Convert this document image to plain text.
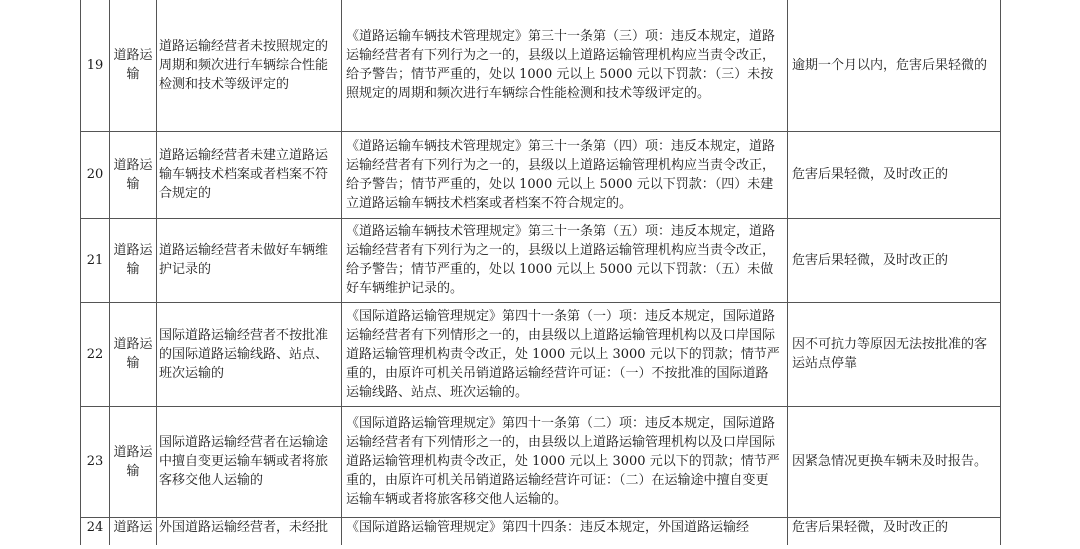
19	道路运输	道路运输经营者未按照规定的周期和频次进行车辆综合性能检测和技术等级评定的	《道路运输车辆技术管理规定》第三十一条第（三）项：违反本规定，道路运输经营者有下列行为之一的，县级以上道路运输管理机构应当责令改正，给予警告；情节严重的，处以 1000 元以上 5000 元以下罚款：（三）未按照规定的周期和频次进行车辆综合性能检测和技术等级评定的。	逾期一个月以内，危害后果轻微的
20	道路运输	道路运输经营者未建立道路运输车辆技术档案或者档案不符合规定的	《道路运输车辆技术管理规定》第三十一条第（四）项：违反本规定，道路运输经营者有下列行为之一的，县级以上道路运输管理机构应当责令改正，给予警告；情节严重的，处以 1000 元以上 5000 元以下罚款：（四）未建立道路运输车辆技术档案或者档案不符合规定的。	危害后果轻微，及时改正的
21	道路运输	道路运输经营者未做好车辆维护记录的	《道路运输车辆技术管理规定》第三十一条第（五）项：违反本规定，道路运输经营者有下列行为之一的，县级以上道路运输管理机构应当责令改正，给予警告；情节严重的，处以 1000 元以上 5000 元以下罚款：（五）未做好车辆维护记录的。	危害后果轻微，及时改正的
22	道路运输	国际道路运输经营者不按批准的国际道路运输线路、站点、班次运输的	《国际道路运输管理规定》第四十一条第（一）项：违反本规定，国际道路运输经营者有下列情形之一的，由县级以上道路运输管理机构以及口岸国际道路运输管理机构责令改正，处 1000 元以上 3000 元以下的罚款；情节严重的，由原许可机关吊销道路运输经营许可证：（一）不按批准的国际道路运输线路、站点、班次运输的。	因不可抗力等原因无法按批准的客运站点停靠
23	道路运输	国际道路运输经营者在运输途中擅自变更运输车辆或者将旅客移交他人运输的	《国际道路运输管理规定》第四十一条第（二）项：违反本规定，国际道路运输经营者有下列情形之一的，由县级以上道路运输管理机构以及口岸国际道路运输管理机构责令改正，处 1000 元以上 3000 元以下的罚款；情节严重的，由原许可机关吊销道路运输经营许可证：（二）在运输途中擅自变更运输车辆或者将旅客移交他人运输的。	因紧急情况更换车辆未及时报告。
24	道路运	外国道路运输经营者，未经批	《国际道路运输管理规定》第四十四条：违反本规定，外国道路运输经	危害后果轻微，及时改正的
